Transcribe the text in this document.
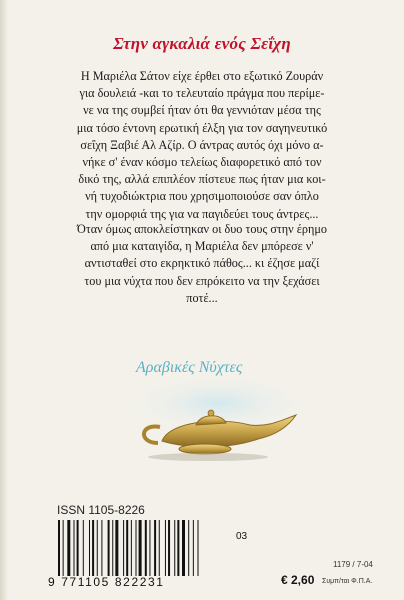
Στην αγκαλιά ενός Σεΐχη
Η Μαριέλα Σάτον είχε έρθει στο εξωτικό Ζουράν
για δουλειά -και το τελευταίο πράγμα που περίμε-
νε να της συμβεί ήταν ότι θα γεννιόταν μέσα της
μια τόσο έντονη ερωτική έλξη για τον σαγηνευτικό
σεΐχη Ξαβιέ Αλ Αζίρ. Ο άντρας αυτός όχι μόνο α-
νήκε σ' έναν κόσμο τελείως διαφορετικό από τον
δικό της, αλλά επιπλέον πίστευε πως ήταν μια κοι-
νή τυχοδιώκτρια που χρησιμοποιούσε σαν όπλο
την ομορφιά της για να παγιδεύει τους άντρες...
Όταν όμως αποκλείστηκαν οι δυο τους στην έρημο
από μια καταιγίδα, η Μαριέλα δεν μπόρεσε ν'
αντισταθεί στο εκρηκτικό πάθος... κι έζησε μαζί
του μια νύχτα που δεν επρόκειτο να την ξεχάσει
ποτέ...
Αραβικές Νύχτες
ISSN 1105-8226
9 771105 822231
03
1179 / 7-04
€ 2,60 Συμπ/ται Φ.Π.Α.
